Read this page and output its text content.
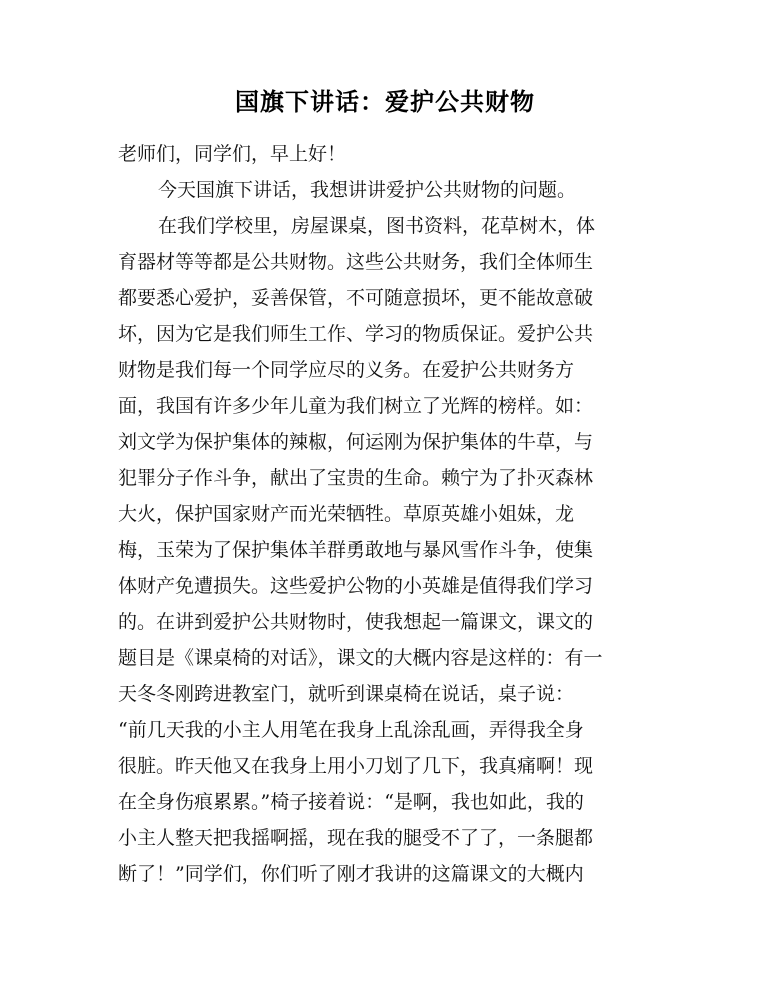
国旗下讲话：爱护公共财物
老师们，同学们，早上好！
今天国旗下讲话，我想讲讲爱护公共财物的问题。
在我们学校里，房屋课桌，图书资料，花草树木，体
育器材等等都是公共财物。这些公共财务，我们全体师生
都要悉心爱护，妥善保管，不可随意损坏，更不能故意破
坏，因为它是我们师生工作、学习的物质保证。爱护公共
财物是我们每一个同学应尽的义务。在爱护公共财务方
面，我国有许多少年儿童为我们树立了光辉的榜样。如：
刘文学为保护集体的辣椒，何运刚为保护集体的牛草，与
犯罪分子作斗争，献出了宝贵的生命。赖宁为了扑灭森林
大火，保护国家财产而光荣牺牲。草原英雄小姐妹，龙
梅，玉荣为了保护集体羊群勇敢地与暴风雪作斗争，使集
体财产免遭损失。这些爱护公物的小英雄是值得我们学习
的。在讲到爱护公共财物时，使我想起一篇课文，课文的
题目是《课桌椅的对话》，课文的大概内容是这样的：有一
天冬冬刚跨进教室门，就听到课桌椅在说话，桌子说：
“前几天我的小主人用笔在我身上乱涂乱画，弄得我全身
很脏。昨天他又在我身上用小刀划了几下，我真痛啊！现
在全身伤痕累累。”椅子接着说：“是啊，我也如此，我的
小主人整天把我摇啊摇，现在我的腿受不了了，一条腿都
断了！”同学们，你们听了刚才我讲的这篇课文的大概内
